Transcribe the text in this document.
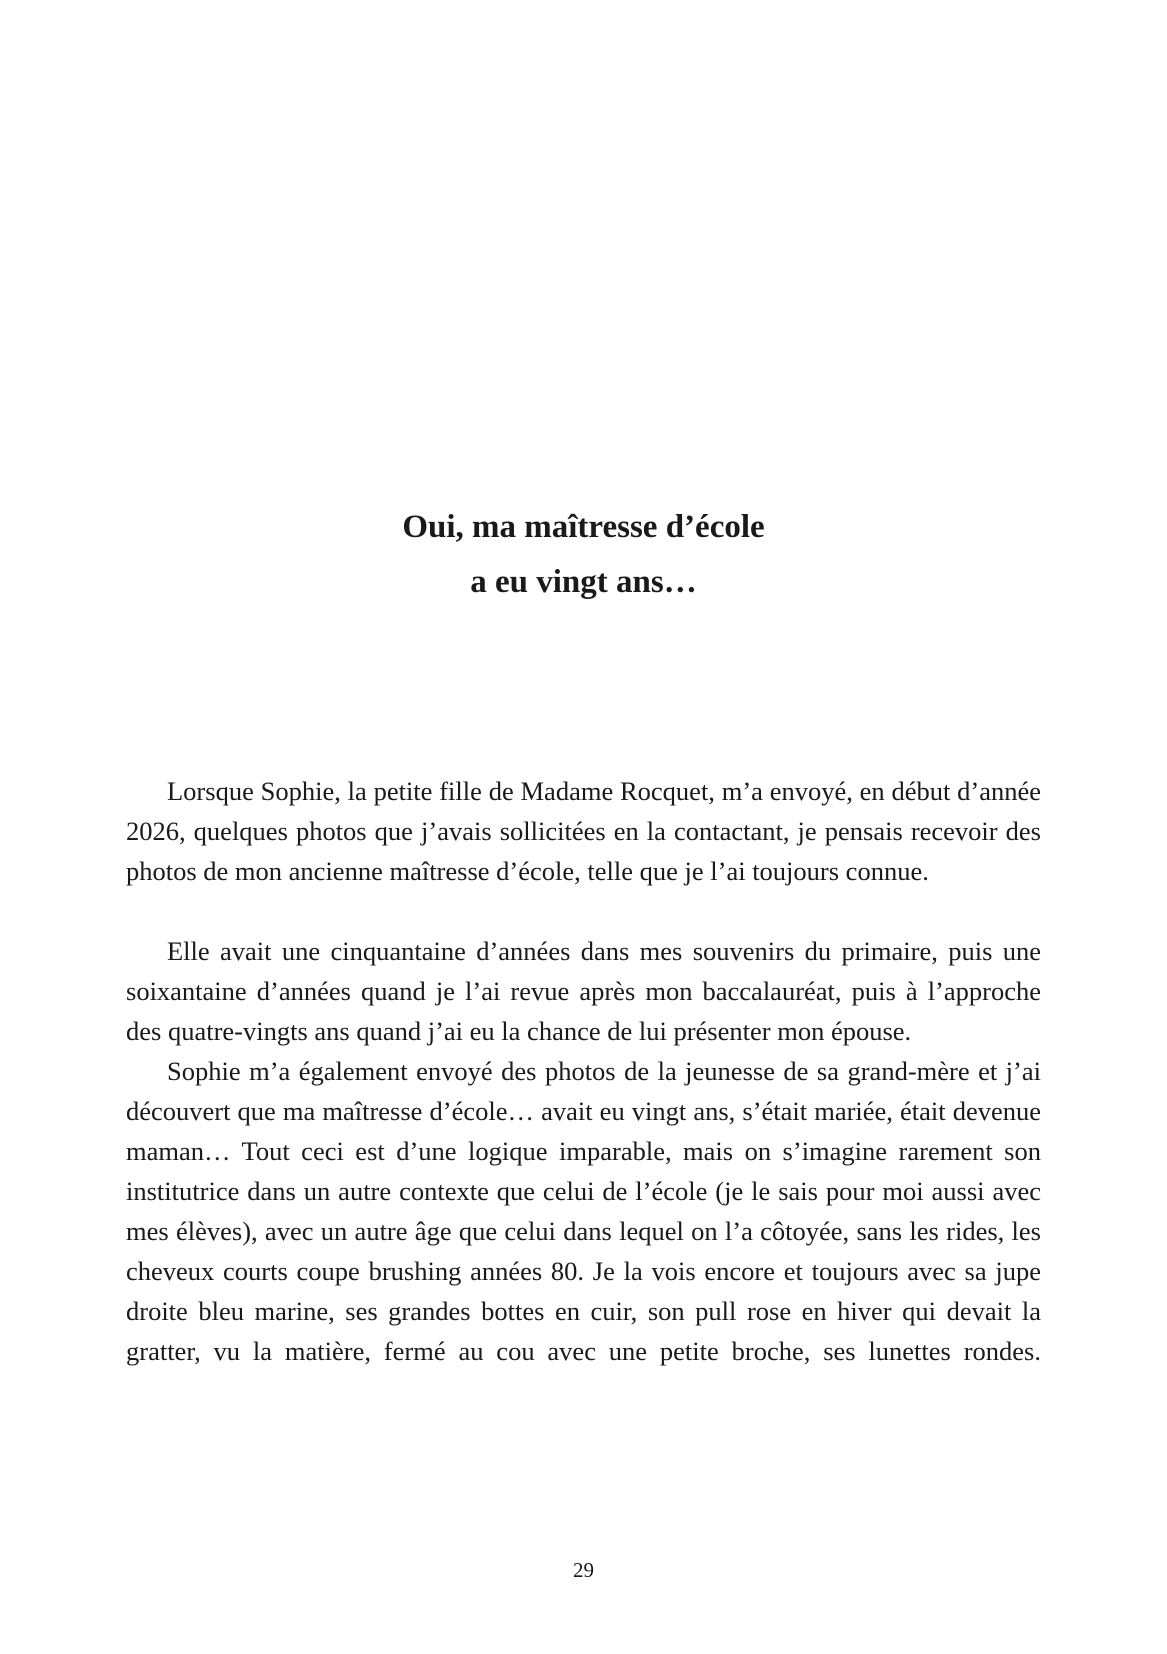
Oui, ma maîtresse d’école
a eu vingt ans…

Lorsque Sophie, la petite fille de Madame Rocquet, m’a envoyé, en début d’année 2026, quelques photos que j’avais sollicitées en la contactant, je pensais recevoir des photos de mon ancienne maîtresse d’école, telle que je l’ai toujours connue.

Elle avait une cinquantaine d’années dans mes souvenirs du primaire, puis une soixantaine d’années quand je l’ai revue après mon baccalauréat, puis à l’approche des quatre-vingts ans quand j’ai eu la chance de lui présenter mon épouse.

Sophie m’a également envoyé des photos de la jeunesse de sa grand-mère et j’ai découvert que ma maîtresse d’école… avait eu vingt ans, s’était mariée, était devenue maman… Tout ceci est d’une logique imparable, mais on s’imagine rarement son institutrice dans un autre contexte que celui de l’école (je le sais pour moi aussi avec mes élèves), avec un autre âge que celui dans lequel on l’a côtoyée, sans les rides, les cheveux courts coupe brushing années 80. Je la vois encore et toujours avec sa jupe droite bleu marine, ses grandes bottes en cuir, son pull rose en hiver qui devait la gratter, vu la matière, fermé au cou avec une petite broche, ses lunettes rondes.

29
